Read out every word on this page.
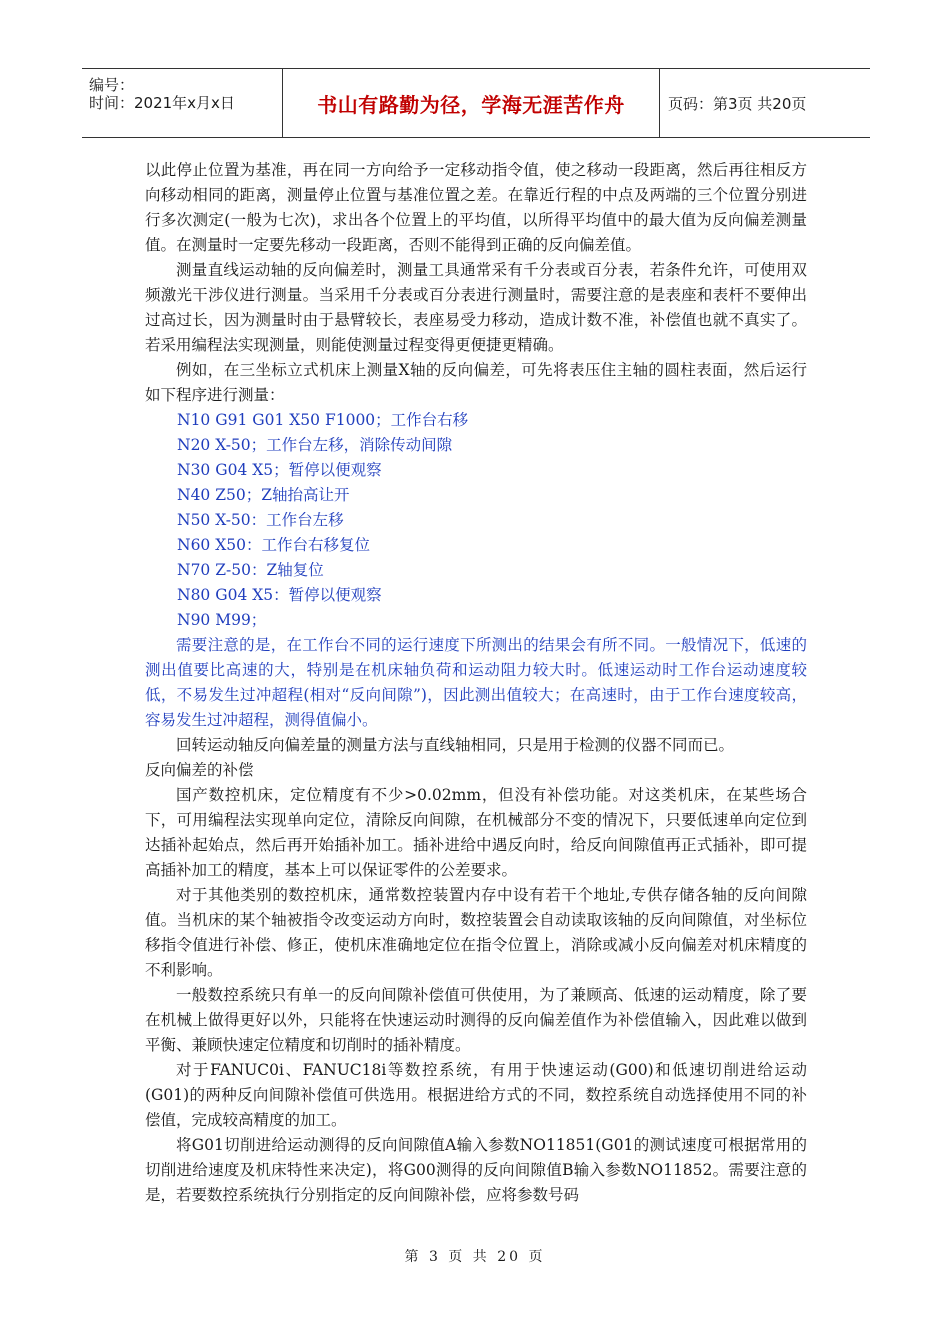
编号：
时间：2021年x月x日	书山有路勤为径，学海无涯苦作舟	页码：第3页 共20页

以此停止位置为基准，再在同一方向给予一定移动指令值，使之移动一段距离，然后再往相反方向移动相同的距离，测量停止位置与基准位置之差。在靠近行程的中点及两端的三个位置分别进行多次测定(一般为七次)，求出各个位置上的平均值，以所得平均值中的最大值为反向偏差测量值。在测量时一定要先移动一段距离，否则不能得到正确的反向偏差值。

测量直线运动轴的反向偏差时，测量工具通常采有千分表或百分表，若条件允许，可使用双频激光干涉仪进行测量。当采用千分表或百分表进行测量时，需要注意的是表座和表杆不要伸出过高过长，因为测量时由于悬臂较长，表座易受力移动，造成计数不准，补偿值也就不真实了。若采用编程法实现测量，则能使测量过程变得更便捷更精确。

例如，在三坐标立式机床上测量X轴的反向偏差，可先将表压住主轴的圆柱表面，然后运行如下程序进行测量：

N10 G91 G01 X50 F1000；工作台右移

N20 X-50；工作台左移，消除传动间隙

N30 G04 X5；暂停以便观察

N40 Z50；Z轴抬高让开

N50 X-50：工作台左移

N60 X50：工作台右移复位

N70 Z-50：Z轴复位

N80 G04 X5：暂停以便观察

N90 M99；

需要注意的是，在工作台不同的运行速度下所测出的结果会有所不同。一般情况下，低速的测出值要比高速的大，特别是在机床轴负荷和运动阻力较大时。低速运动时工作台运动速度较低，不易发生过冲超程(相对“反向间隙”)，因此测出值较大；在高速时，由于工作台速度较高，容易发生过冲超程，测得值偏小。

回转运动轴反向偏差量的测量方法与直线轴相同，只是用于检测的仪器不同而已。

反向偏差的补偿

国产数控机床，定位精度有不少>0.02mm，但没有补偿功能。对这类机床，在某些场合下，可用编程法实现单向定位，清除反向间隙，在机械部分不变的情况下，只要低速单向定位到达插补起始点，然后再开始插补加工。插补进给中遇反向时，给反向间隙值再正式插补，即可提高插补加工的精度，基本上可以保证零件的公差要求。

对于其他类别的数控机床，通常数控装置内存中设有若干个地址,专供存储各轴的反向间隙值。当机床的某个轴被指令改变运动方向时，数控装置会自动读取该轴的反向间隙值，对坐标位移指令值进行补偿、修正，使机床准确地定位在指令位置上，消除或减小反向偏差对机床精度的不利影响。

一般数控系统只有单一的反向间隙补偿值可供使用，为了兼顾高、低速的运动精度，除了要在机械上做得更好以外，只能将在快速运动时测得的反向偏差值作为补偿值输入，因此难以做到平衡、兼顾快速定位精度和切削时的插补精度。

对于FANUC0i、FANUC18i等数控系统，有用于快速运动(G00)和低速切削进给运动(G01)的两种反向间隙补偿值可供选用。根据进给方式的不同，数控系统自动选择使用不同的补偿值，完成较高精度的加工。

将G01切削进给运动测得的反向间隙值A输入参数NO11851(G01的测试速度可根据常用的切削进给速度及机床特性来决定)，将G00测得的反向间隙值B输入参数NO11852。需要注意的是，若要数控系统执行分别指定的反向间隙补偿，应将参数号码

第 3 页 共 20 页
